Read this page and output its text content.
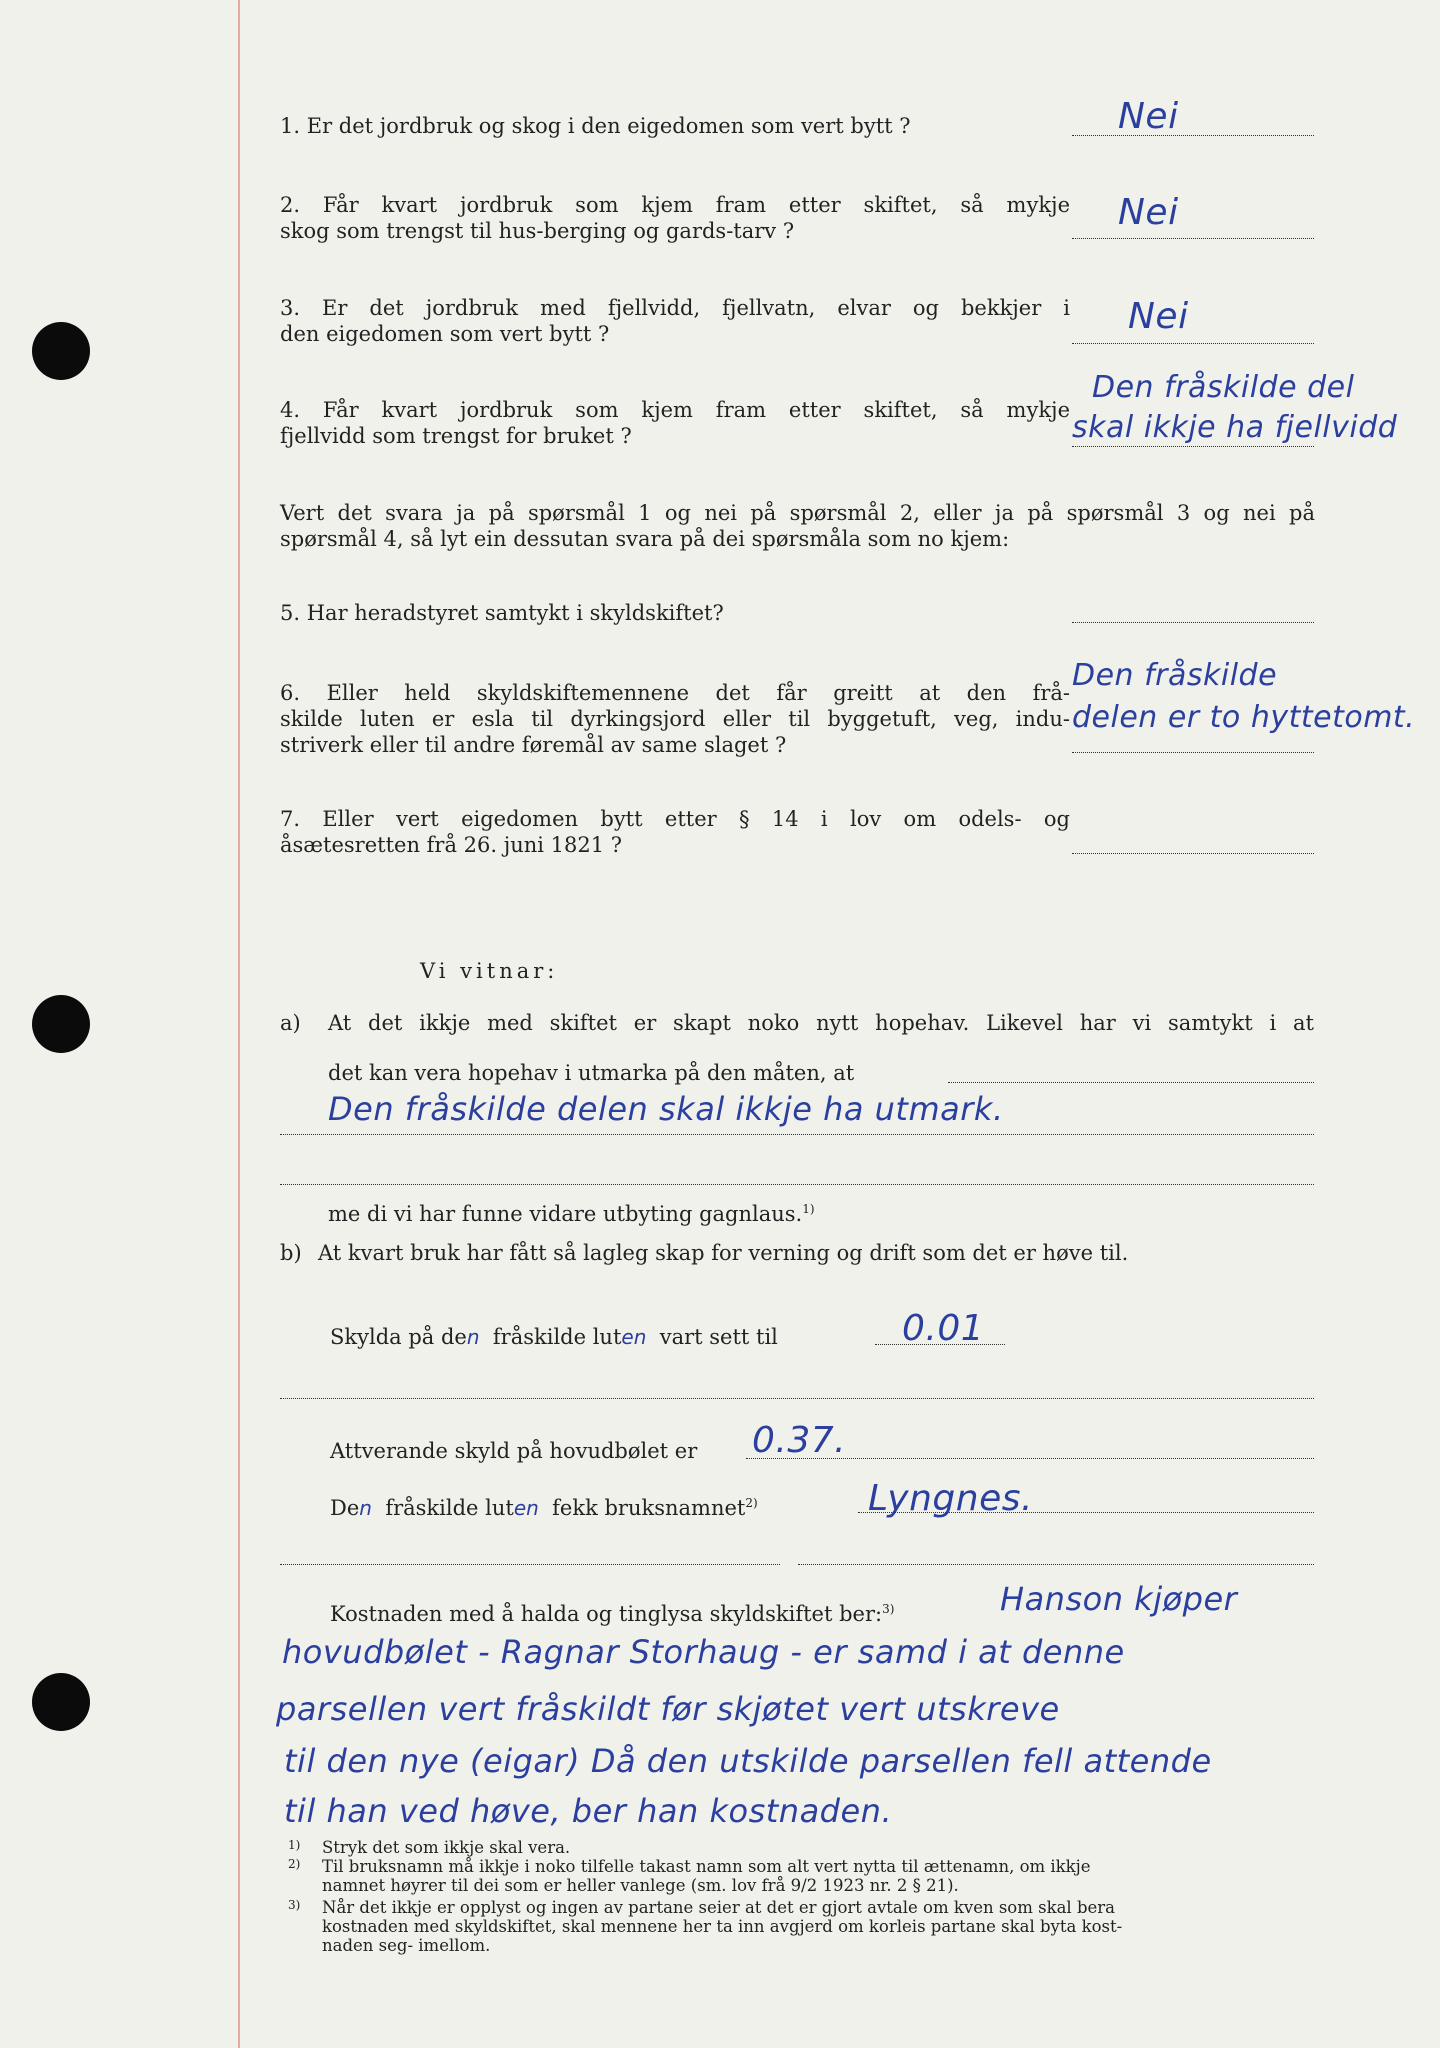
1. Er det jordbruk og skog i den eigedomen som vert bytt ?	Nei
2. Får kvart jordbruk som kjem fram etter skiftet, så mykje

skog som trengst til hus-berging og gards-tarv ?	Nei
3. Er det jordbruk med fjellvidd, fjellvatn, elvar og bekkjer i

den eigedomen som vert bytt ?	Nei
4. Får kvart jordbruk som kjem fram etter skiftet, så mykje

fjellvidd som trengst for bruket ?

Den fråskilde del
skal ikkje ha fjellvidd
Vert det svara ja på spørsmål 1 og nei på spørsmål 2, eller ja på spørsmål 3 og nei på

spørsmål 4, så lyt ein dessutan svara på dei spørsmåla som no kjem:

5. Har heradstyret samtykt i skyldskiftet?

6. Eller held skyldskiftemennene det får greitt at den frå-
skilde luten er esla til dyrkingsjord eller til byggetuft, veg, indu-

striverk eller til andre føremål av same slaget ?

Den fråskilde
delen er to hyttetomt.
7. Eller vert eigedomen bytt etter § 14 i lov om odels- og

åsætesretten frå 26. juni 1821 ?

Vi vitnar:

a)	At det ikkje med skiftet er skapt noko nytt hopehav. Likevel har vi samtykt i at

det kan vera hopehav i utmarka på den måten, at

Den fråskilde delen skal ikkje ha utmark.

me di vi har funne vidare utbyting gagnlaus.$^{1)}$

b) At kvart bruk har fått så lagleg skap for verning og drift som det er høve til.

Skylda på den fråskilde luten vart sett til	0.01

Attverande skyld på hovudbølet er	0.37.

Den fråskilde luten fekk bruksnamnet$^{2)}$	Lyngnes.

Kostnaden med å halda og tinglysa skyldskiftet ber:$^{3)}$	Hanson kjøper
hovudbølet - Ragnar Storhaug - er samd i at denne
parsellen vert fråskildt før skjøtet vert utskreve
til den nye (eigar) Då den utskilde parsellen fell attende
til han ved høve, ber han kostnaden.
1) Stryk det som ikkje skal vera.

2) Til bruksnamn må ikkje i noko tilfelle takast namn som alt vert nytta til ættenamn, om ikkje

namnet høyrer til dei som er heller vanlege (sm. lov frå 9/2 1923 nr. 2 § 21).

3) Når det ikkje er opplyst og ingen av partane seier at det er gjort avtale om kven som skal bera

kostnaden med skyldskiftet, skal mennene her ta inn avgjerd om korleis partane skal byta kost-

naden seg- imellom.
